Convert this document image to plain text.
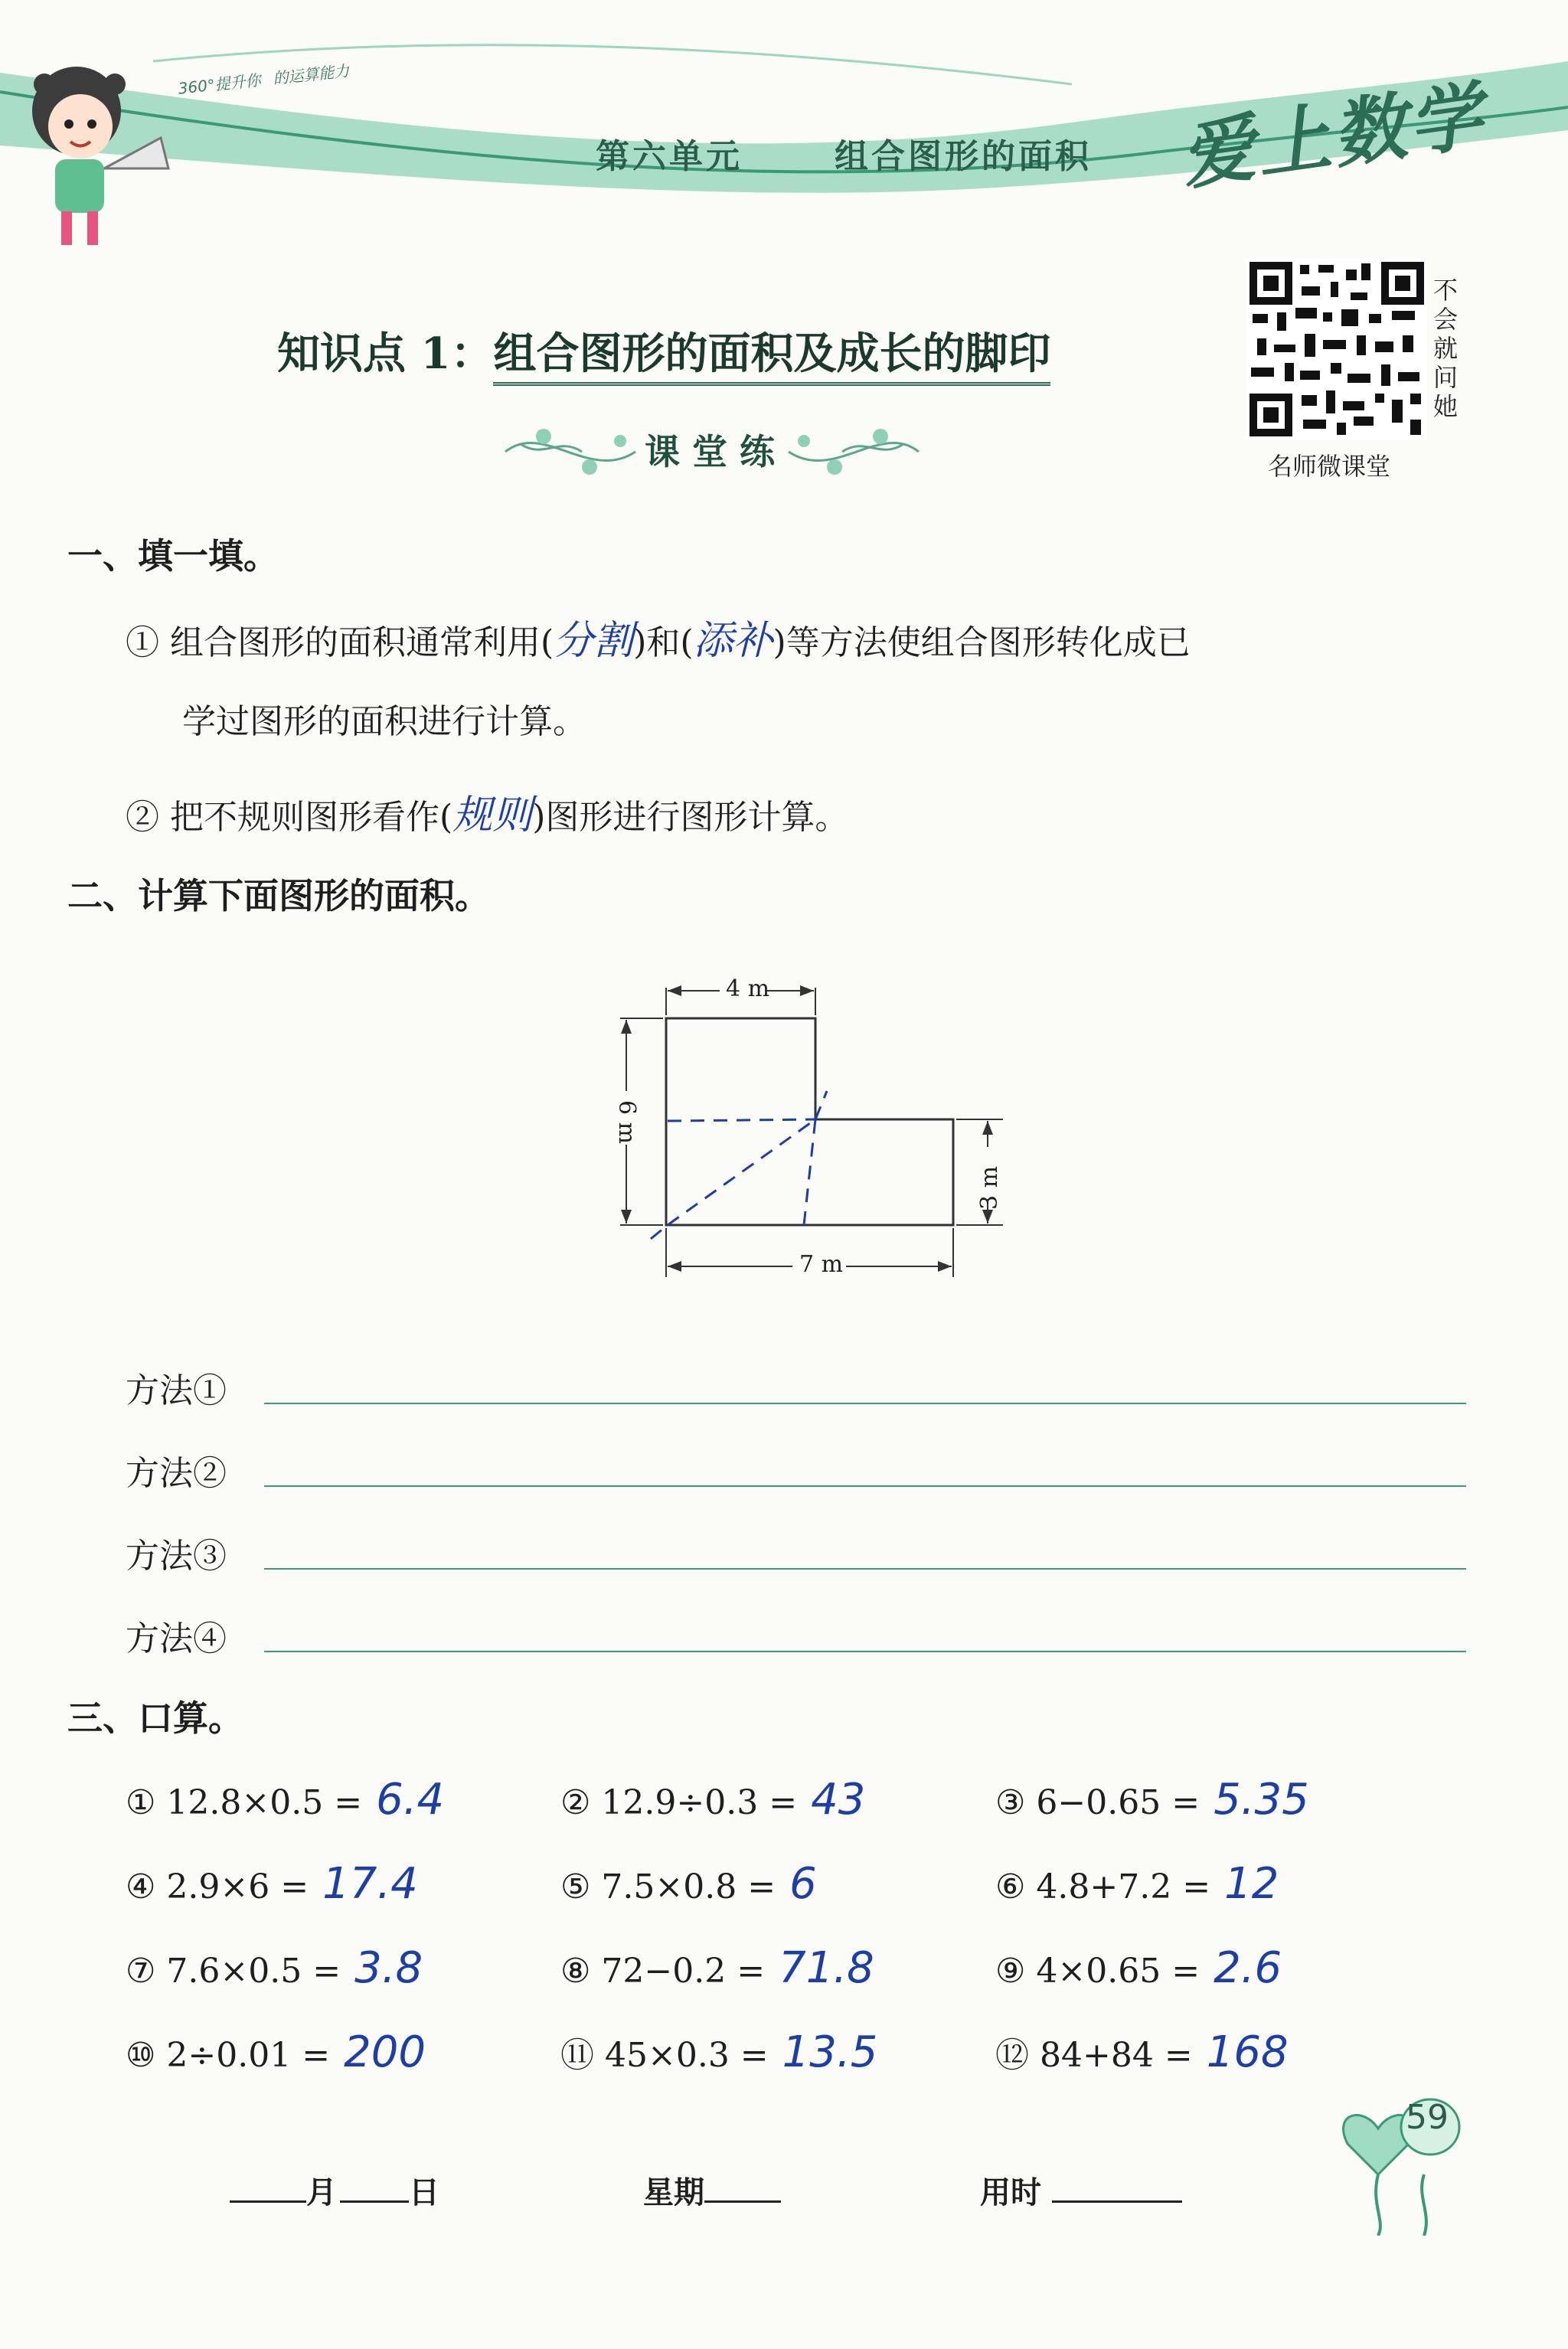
360°提升你 的运算能力
第六单元	组合图形的面积 爱上数学
不会就问她
名师微课堂
知识点 1：组合图形的面积及成长的脚印
课 堂 练
一、填一填。
① 组合图形的面积通常利用(分割)和(添补)等方法使组合图形转化成已
学过图形的面积进行计算。
② 把不规则图形看作(规则)图形进行图形计算。
二、计算下面图形的面积。
4 m
6 m
3 m
7 m
方法①
方法②
方法③
方法④
三、口算。
① 12.8×0.5 = 6.4	② 12.9÷0.3 = 43	③ 6−0.65 = 5.35
④ 2.9×6 = 17.4	⑤ 7.5×0.8 = 6	⑥ 4.8+7.2 = 12
⑦ 7.6×0.5 = 3.8	⑧ 72−0.2 = 71.8	⑨ 4×0.65 = 2.6
⑩ 2÷0.01 = 200	⑪ 45×0.3 = 13.5	⑫ 84+84 = 168
月 日	星期	用时
59
